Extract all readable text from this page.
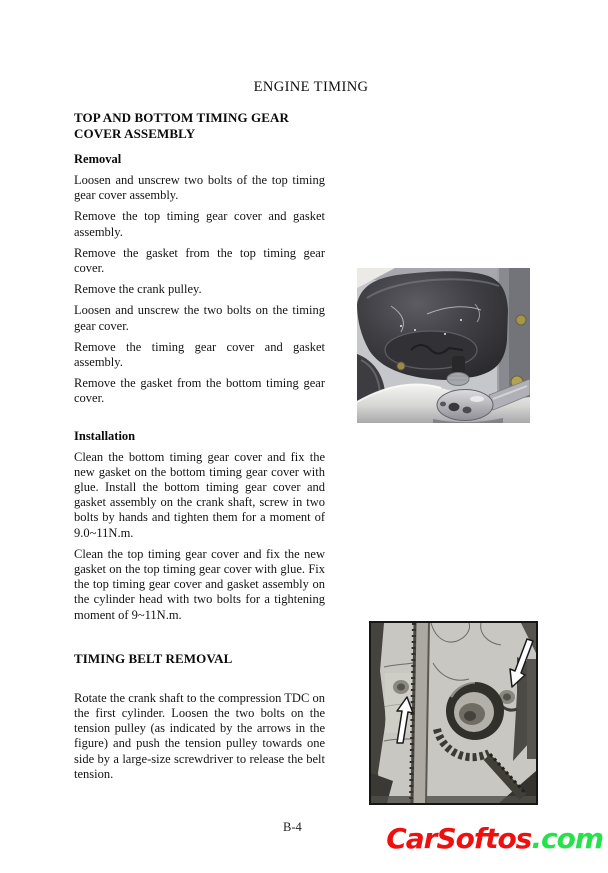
ENGINE TIMING
TOP AND BOTTOM TIMING GEAR COVER ASSEMBLY
Removal

Loosen and unscrew two bolts of the top timing gear cover assembly.

Remove the top timing gear cover and gasket assembly.

Remove the gasket from the top timing gear cover.

Remove the crank pulley.

Loosen and unscrew the two bolts on the timing gear cover.

Remove the timing gear cover and gasket assembly.

Remove the gasket from the bottom timing gear cover.

Installation

Clean the bottom timing gear cover and fix the new gasket on the bottom timing gear cover with glue. Install the bottom timing gear cover and gasket assembly on the crank shaft, screw in two bolts by hands and tighten them for a moment of 9.0~11N.m.

Clean the top timing gear cover and fix the new gasket on the top timing gear cover with glue. Fix the top timing gear cover and gasket assembly on the cylinder head with two bolts for a tightening moment of 9~11N.m.

TIMING BELT REMOVAL

Rotate the crank shaft to the compression TDC on the first cylinder. Loosen the two bolts on the tension pulley (as indicated by the arrows in the figure) and push the tension pulley towards one side by a large-size screwdriver to release the belt tension.

B-4	CarSoftos.com
